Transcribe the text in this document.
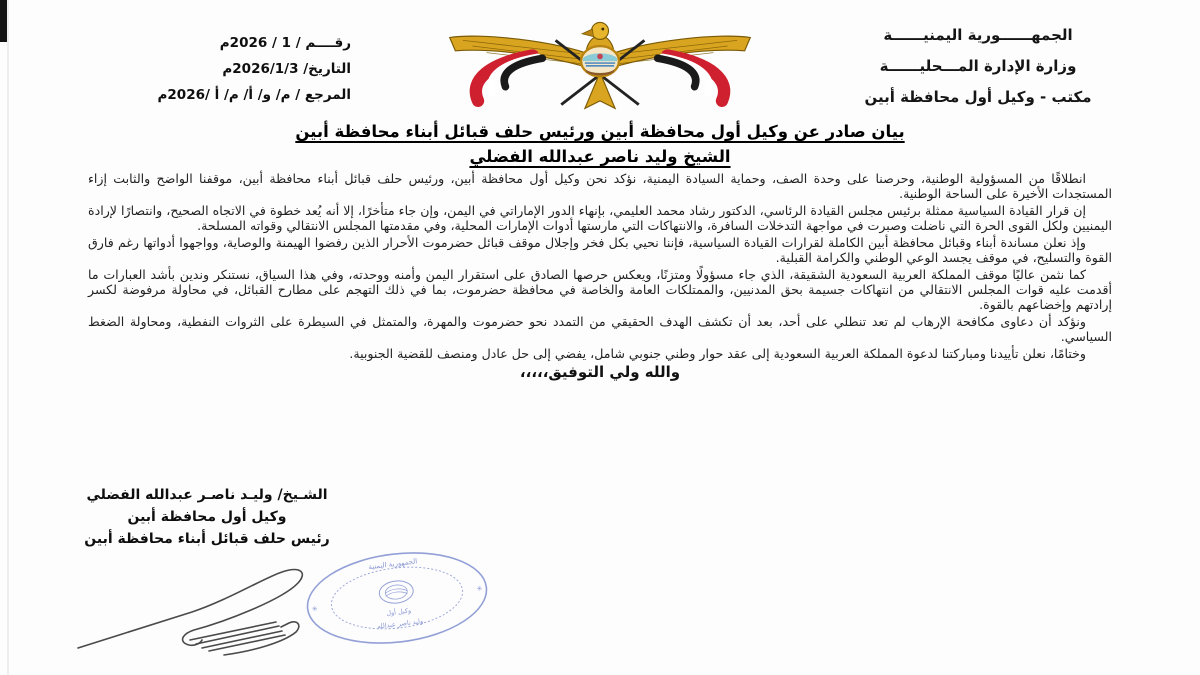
الجمهــــــورية اليمنيــــــة
وزارة الإدارة المـــحليــــــة
مكتب - وكيل أول محافظة أبين
رقــــم / 1 / 2026م
التاريخ/ 2026/1/3م
المرجع / م/ و/ أ/ م/ أ /2026م
بيان صادر عن وكيل أول محافظة أبين ورئيس حلف قبائل أبناء محافظة أبين
الشيخ وليد ناصر عبدالله الفضلي

انطلاقًا من المسؤولية الوطنية، وحرصنا على وحدة الصف، وحماية السيادة اليمنية، نؤكد نحن وكيل أول محافظة أبين، ورئيس حلف قبائل أبناء محافظة أبين، موقفنا الواضح والثابت إزاء المستجدات الأخيرة على الساحة الوطنية.

إن قرار القيادة السياسية ممثلة برئيس مجلس القيادة الرئاسي، الدكتور رشاد محمد العليمي، بإنهاء الدور الإماراتي في اليمن، وإن جاء متأخرًا، إلا أنه يُعد خطوة في الاتجاه الصحيح، وانتصارًا لإرادة اليمنيين ولكل القوى الحرة التي ناضلت وصبرت في مواجهة التدخلات السافرة، والانتهاكات التي مارستها أدوات الإمارات المحلية، وفي مقدمتها المجلس الانتقالي وقواته المسلحة.

وإذ نعلن مساندة أبناء وقبائل محافظة أبين الكاملة لقرارات القيادة السياسية، فإننا نحيي بكل فخر وإجلال موقف قبائل حضرموت الأحرار الذين رفضوا الهيمنة والوصاية، وواجهوا أدواتها رغم فارق القوة والتسليح، في موقف يجسد الوعي الوطني والكرامة القبلية.

كما نثمن عاليًا موقف المملكة العربية السعودية الشقيقة، الذي جاء مسؤولًا ومتزنًا، ويعكس حرصها الصادق على استقرار اليمن وأمنه ووحدته، وفي هذا السياق، نستنكر وندين بأشد العبارات ما أقدمت عليه قوات المجلس الانتقالي من انتهاكات جسيمة بحق المدنيين، والممتلكات العامة والخاصة في محافظة حضرموت، بما في ذلك التهجم على مطارح القبائل، في محاولة مرفوضة لكسر إرادتهم وإخضاعهم بالقوة.

ونؤكد أن دعاوى مكافحة الإرهاب لم تعد تنطلي على أحد، بعد أن تكشف الهدف الحقيقي من التمدد نحو حضرموت والمهرة، والمتمثل في السيطرة على الثروات النفطية، ومحاولة الضغط السياسي.

وختامًا، نعلن تأييدنا ومباركتنا لدعوة المملكة العربية السعودية إلى عقد حوار وطني جنوبي شامل، يفضي إلى حل عادل ومنصف للقضية الجنوبية.

والله ولي التوفيق،،،،،

الشـيخ/ وليـد ناصـر عبدالله الفضلي
وكيل أول محافظة أبين
رئيس حلف قبائل أبناء محافظة أبين
الجمهورية اليمنية
وكيل أول
وليد ناصر عبدالله
✳
✳
